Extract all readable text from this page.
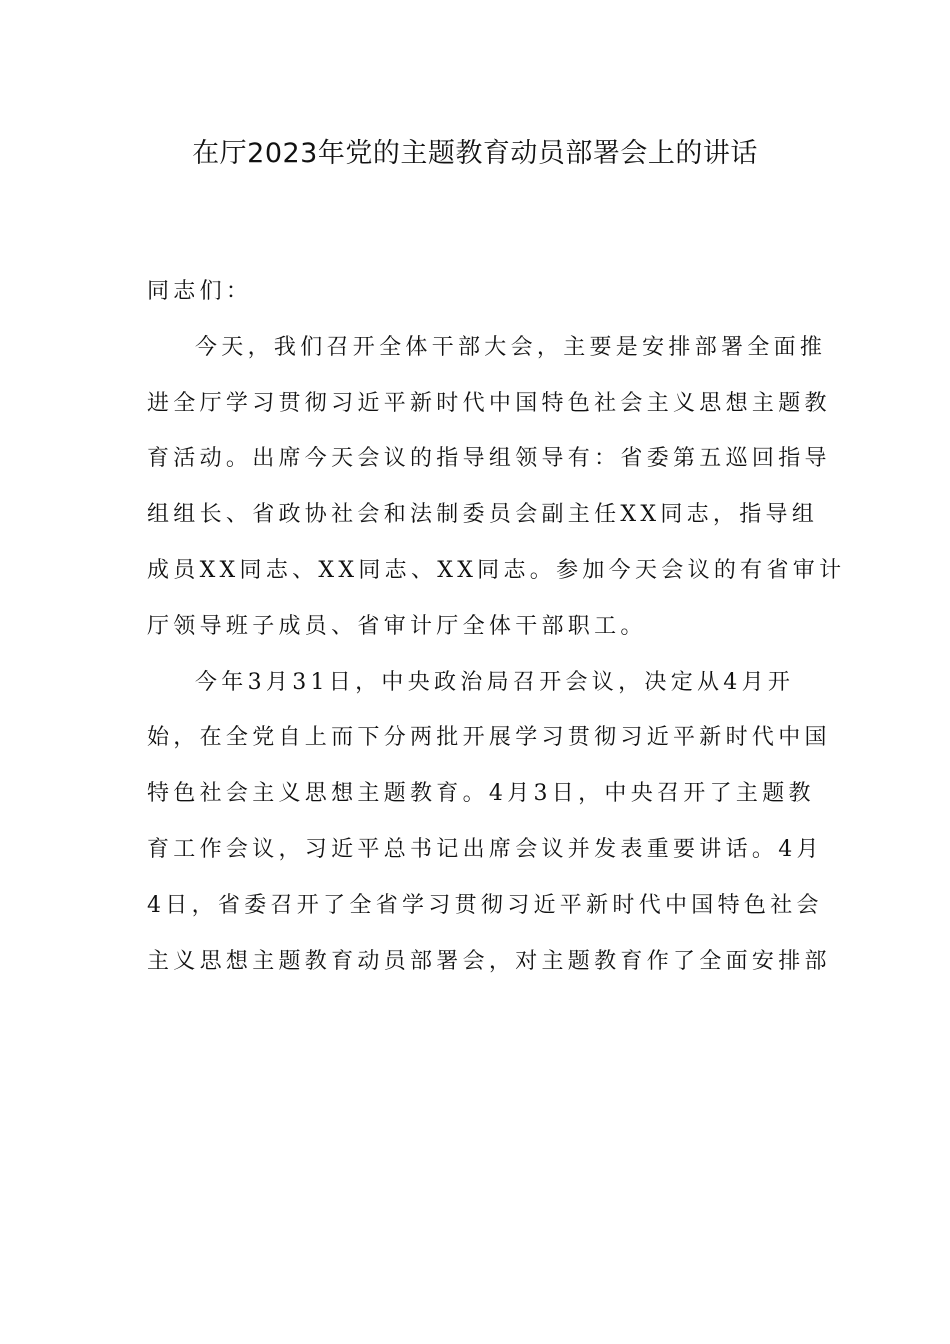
在厅2023年党的主题教育动员部署会上的讲话

同志们：

今天，我们召开全体干部大会，主要是安排部署全面推
进全厅学习贯彻习近平新时代中国特色社会主义思想主题教
育活动。出席今天会议的指导组领导有：省委第五巡回指导
组组长、省政协社会和法制委员会副主任XX同志，指导组
成员XX同志、XX同志、XX同志。参加今天会议的有省审计
厅领导班子成员、省审计厅全体干部职工。
今年3月31日，中央政治局召开会议，决定从4月开
始，在全党自上而下分两批开展学习贯彻习近平新时代中国
特色社会主义思想主题教育。4月3日，中央召开了主题教
育工作会议，习近平总书记出席会议并发表重要讲话。4月
4日，省委召开了全省学习贯彻习近平新时代中国特色社会
主义思想主题教育动员部署会，对主题教育作了全面安排部
